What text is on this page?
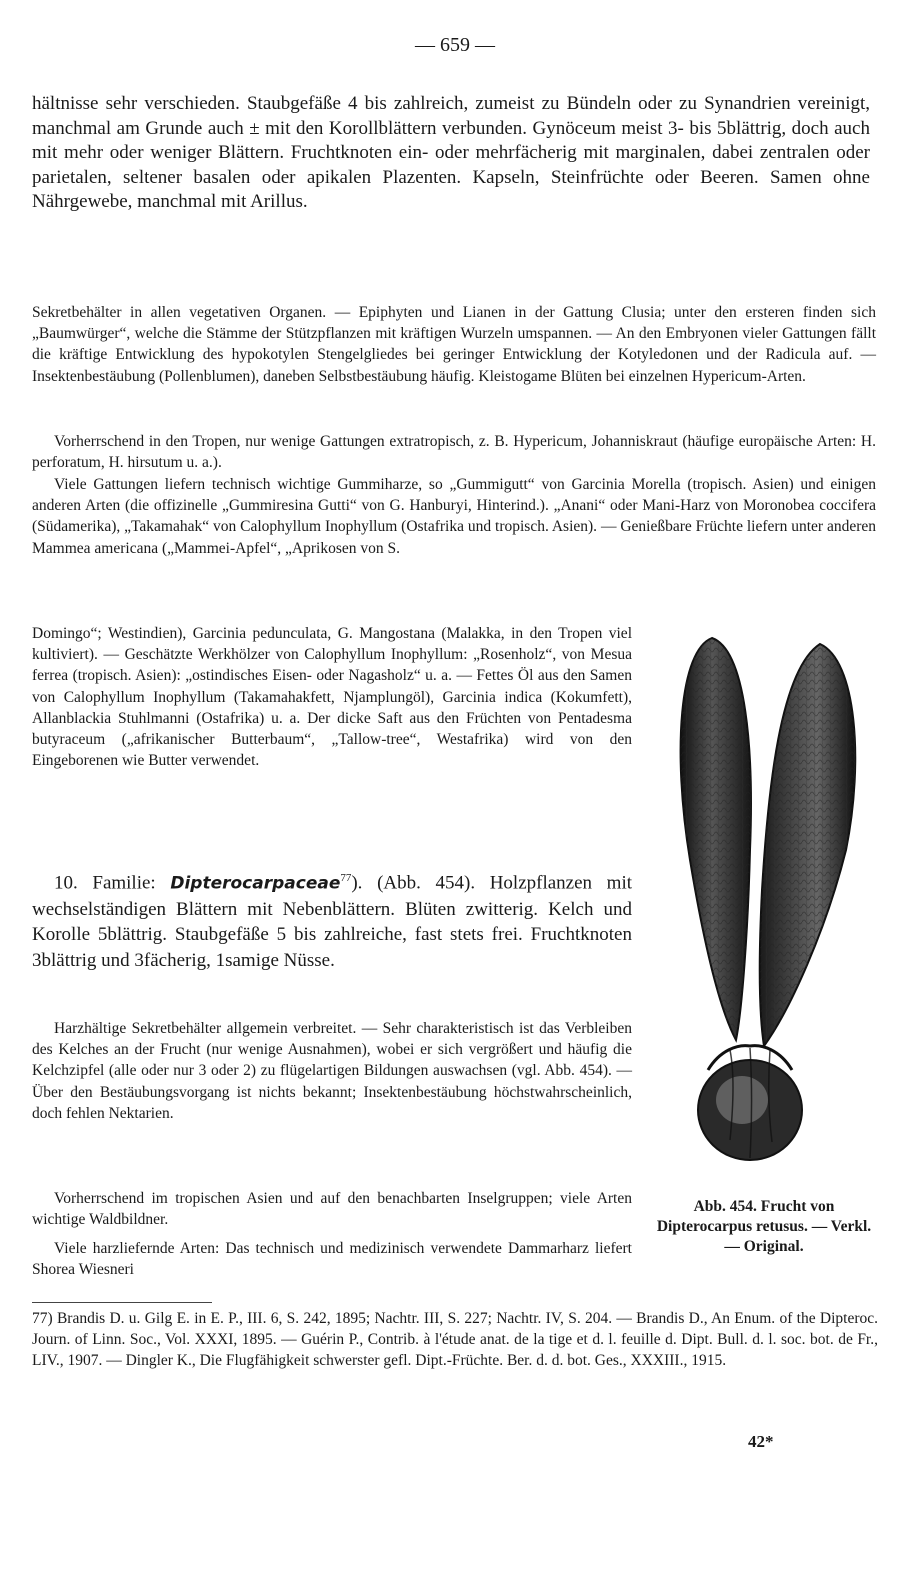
— 659 —

hältnisse sehr verschieden. Staubgefäße 4 bis zahlreich, zumeist zu Bündeln oder zu Synandrien vereinigt, manchmal am Grunde auch ± mit den Korollblättern verbunden. Gynöceum meist 3- bis 5blättrig, doch auch mit mehr oder weniger Blättern. Fruchtknoten ein- oder mehrfächerig mit marginalen, dabei zentralen oder parietalen, seltener basalen oder apikalen Plazenten. Kapseln, Steinfrüchte oder Beeren. Samen ohne Nährgewebe, manchmal mit Arillus.

Sekretbehälter in allen vegetativen Organen. — Epiphyten und Lianen in der Gattung Clusia; unter den ersteren finden sich „Baumwürger“, welche die Stämme der Stützpflanzen mit kräftigen Wurzeln umspannen. — An den Embryonen vieler Gattungen fällt die kräftige Entwicklung des hypokotylen Stengelgliedes bei geringer Entwicklung der Kotyledonen und der Radicula auf. — Insektenbestäubung (Pollenblumen), daneben Selbstbestäubung häufig. Kleistogame Blüten bei einzelnen Hypericum-Arten.

Vorherrschend in den Tropen, nur wenige Gattungen extratropisch, z. B. Hypericum, Johanniskraut (häufige europäische Arten: H. perforatum, H. hirsutum u. a.).

Viele Gattungen liefern technisch wichtige Gummiharze, so „Gummigutt“ von Garcinia Morella (tropisch. Asien) und einigen anderen Arten (die offizinelle „Gummiresina Gutti“ von G. Hanburyi, Hinterind.). „Anani“ oder Mani-Harz von Moronobea coccifera (Südamerika), „Takamahak“ von Calophyllum Inophyllum (Ostafrika und tropisch. Asien). — Genießbare Früchte liefern unter anderen Mammea americana („Mammei-Apfel“, „Aprikosen von S.

Domingo“; Westindien), Garcinia pedunculata, G. Mangostana (Malakka, in den Tropen viel kultiviert). — Geschätzte Werkhölzer von Calophyllum Inophyllum: „Rosenholz“, von Mesua ferrea (tropisch. Asien): „ostindisches Eisen- oder Nagasholz“ u. a. — Fettes Öl aus den Samen von Calophyllum Inophyllum (Takamahakfett, Njamplungöl), Garcinia indica (Kokumfett), Allanblackia Stuhlmanni (Ostafrika) u. a. Der dicke Saft aus den Früchten von Pentadesma butyraceum („afrikanischer Butterbaum“, „Tallow-tree“, Westafrika) wird von den Eingeborenen wie Butter verwendet.

10. Familie: Dipterocarpaceae$^{77}$). (Abb. 454). Holzpflanzen mit wechselständigen Blättern mit Nebenblättern. Blüten zwitterig. Kelch und Korolle 5blättrig. Staubgefäße 5 bis zahlreiche, fast stets frei. Fruchtknoten 3blättrig und 3fächerig, 1samige Nüsse.

Harzhältige Sekretbehälter allgemein verbreitet. — Sehr charakteristisch ist das Verbleiben des Kelches an der Frucht (nur wenige Ausnahmen), wobei er sich vergrößert und häufig die Kelchzipfel (alle oder nur 3 oder 2) zu flügelartigen Bildungen auswachsen (vgl. Abb. 454). — Über den Bestäubungsvorgang ist nichts bekannt; Insektenbestäubung höchstwahrscheinlich, doch fehlen Nektarien.

Vorherrschend im tropischen Asien und auf den benachbarten Inselgruppen; viele Arten wichtige Waldbildner.

Viele harzliefernde Arten: Das technisch und medizinisch verwendete Dammarharz liefert Shorea Wiesneri

Abb. 454. Frucht von Dipterocarpus retusus. — Verkl. — Original.

77) Brandis D. u. Gilg E. in E. P., III. 6, S. 242, 1895; Nachtr. III, S. 227; Nachtr. IV, S. 204. — Brandis D., An Enum. of the Dipteroc. Journ. of Linn. Soc., Vol. XXXI, 1895. — Guérin P., Contrib. à l'étude anat. de la tige et d. l. feuille d. Dipt. Bull. d. l. soc. bot. de Fr., LIV., 1907. — Dingler K., Die Flugfähigkeit schwerster gefl. Dipt.-Früchte. Ber. d. d. bot. Ges., XXXIII., 1915.

42*
